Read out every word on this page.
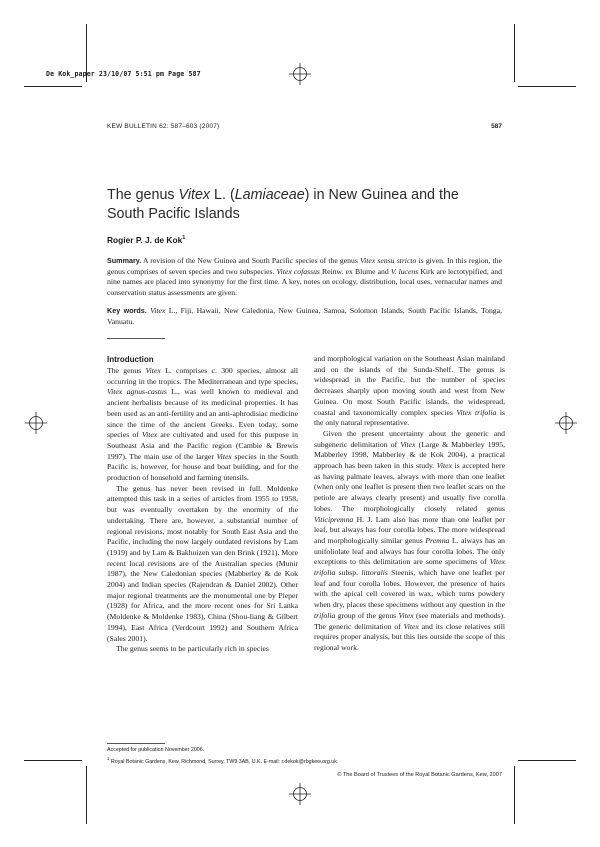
De Kok_paper 23/10/07 5:51 pm Page 587
KEW BULLETIN 62: 587–603 (2007)	587
The genus Vitex L. (Lamiaceae) in New Guinea and the South Pacific Islands
Rogier P. J. de Kok$^1$
Summary. A revision of the New Guinea and South Pacific species of the genus Vitex sensu stricto is given. In this region, the genus comprises of seven species and two subspecies. Vitex cofassus Reinw. ex Blume and V. lucens Kirk are lectotypified, and nine names are placed into synonymy for the first time. A key, notes on ecology, distribution, local uses, vernacular names and conservation status assessments are given.
Key words. Vitex L., Fiji, Hawaii, New Caledonia, New Guinea, Samoa, Solomon Islands, South Pacific Islands, Tonga, Vanuatu.
Introduction

The genus Vitex L. comprises c. 300 species, almost all occurring in the tropics. The Mediterranean and type species, Vitex agnus-castus L., was well known to medieval and ancient herbalists because of its medicinal properties. It has been used as an anti-fertility and an anti-aphrodisiac medicine since the time of the ancient Greeks. Even today, some species of Vitex are cultivated and used for this purpose in Southeast Asia and the Pacific region (Cambie & Brewis 1997). The main use of the larger Vitex species in the South Pacific is, however, for house and boat building, and for the production of household and farming utensils.

The genus has never been revised in full. Moldenke attempted this task in a series of articles from 1955 to 1958, but was eventually overtaken by the enormity of the undertaking. There are, however, a substantial number of regional revisions, most notably for South East Asia and the Pacific, including the now largely outdated revisions by Lam (1919) and by Lam & Bakhuizen van den Brink (1921). More recent local revisions are of the Australian species (Munir 1987), the New Caledonian species (Mabberley & de Kok 2004) and Indian species (Rajendran & Daniel 2002). Other major regional treatments are the monumental one by Pieper (1928) for Africa, and the more recent ones for Sri Lanka (Moldenke & Moldenke 1983), China (Shou-liang & Gilbert 1994), East Africa (Verdcourt 1992) and Southern Africa (Sales 2001).

The genus seems to be particularly rich in species

and morphological variation on the Southeast Asian mainland and on the islands of the Sunda-Shelf. The genus is widespread in the Pacific, but the number of species decreases sharply upon moving south and west from New Guinea. On most South Pacific islands, the widespread, coastal and taxonomically complex species Vitex trifolia is the only natural representative.

Given the present uncertainty about the generic and subgeneric delimitation of Vitex (Large & Mabberley 1995, Mabberley 1998, Mabberley & de Kok 2004), a practical approach has been taken in this study. Vitex is accepted here as having palmate leaves, always with more than one leaflet (when only one leaflet is present then two leaflet scars on the petiole are always clearly present) and usually five corolla lobes. The morphologically closely related genus Viticipremna H. J. Lam also has more than one leaflet per leaf, but always has four corolla lobes. The more widespread and morphologically similar genus Premna L. always has an unifoliolate leaf and always has four corolla lobes. The only exceptions to this delimitation are some specimens of Vitex trifolia subsp. littoralis Steenis, which have one leaflet per leaf and four corolla lobes. However, the presence of hairs with the apical cell covered in wax, which turns powdery when dry, places these specimens without any question in the trifolia group of the genus Vitex (see materials and methods). The generic delimitation of Vitex and its close relatives still requires proper analysis, but this lies outside the scope of this regional work.

Accepted for publication November 2006.
$^1$ Royal Botanic Gardens, Kew, Richmond, Surrey, TW9 3AB, U.K. E-mail: r.dekok@rbgkew.org.uk
© The Board of Trustees of the Royal Botanic Gardens, Kew, 2007
